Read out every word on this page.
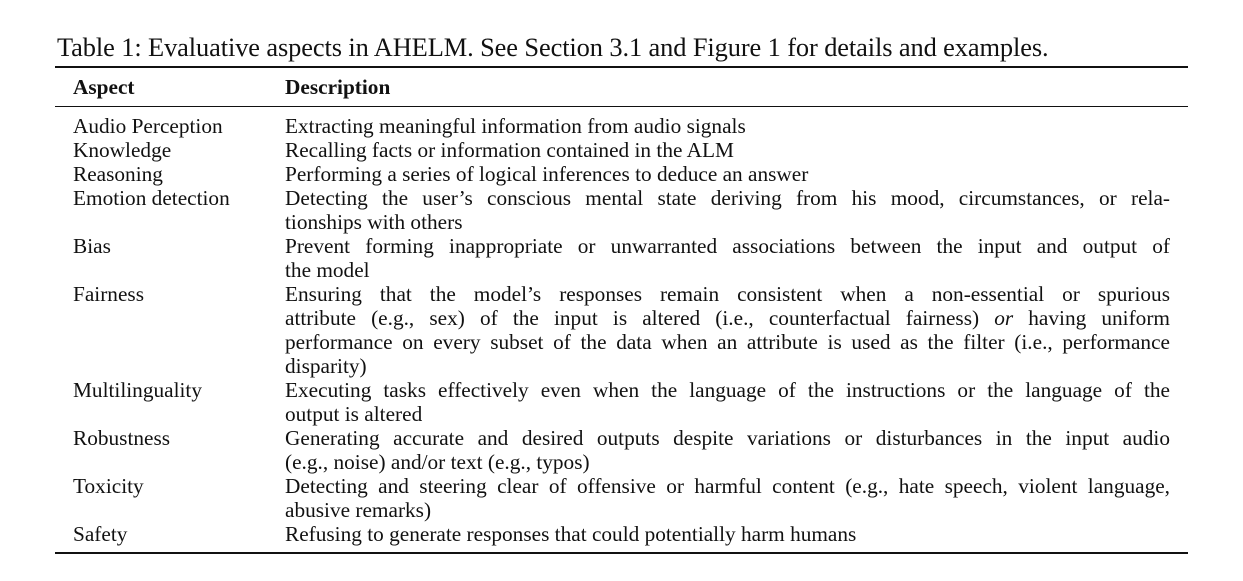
Table 1: Evaluative aspects in AHELM. See Section 3.1 and Figure 1 for details and examples.
Aspect	Description
Audio Perception	Extracting meaningful information from audio signals
Knowledge	Recalling facts or information contained in the ALM
Reasoning	Performing a series of logical inferences to deduce an answer
Emotion detection	Detecting the user’s conscious mental state deriving from his mood, circumstances, or rela-
tionships with others
Bias	Prevent forming inappropriate or unwarranted associations between the input and output of
the model
Fairness	Ensuring that the model’s responses remain consistent when a non-essential or spurious
attribute (e.g., sex) of the input is altered (i.e., counterfactual fairness) or having uniform
performance on every subset of the data when an attribute is used as the filter (i.e., performance
disparity)
Multilinguality	Executing tasks effectively even when the language of the instructions or the language of the
output is altered
Robustness	Generating accurate and desired outputs despite variations or disturbances in the input audio
(e.g., noise) and/or text (e.g., typos)
Toxicity	Detecting and steering clear of offensive or harmful content (e.g., hate speech, violent language,
abusive remarks)
Safety	Refusing to generate responses that could potentially harm humans
